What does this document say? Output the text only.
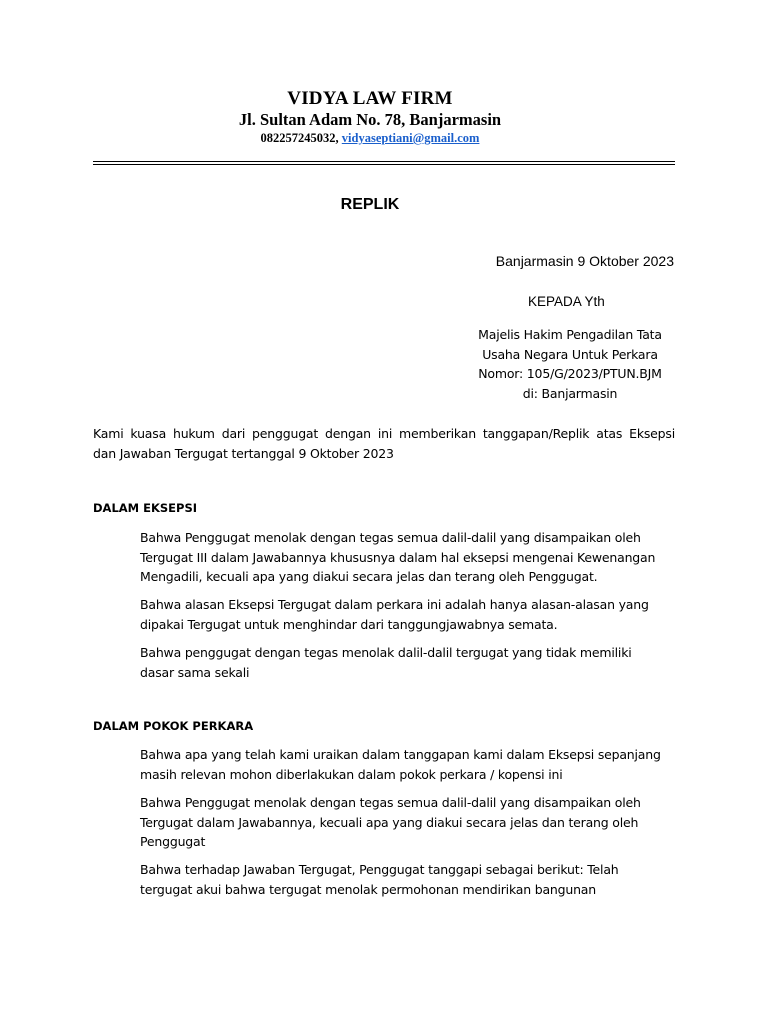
VIDYA LAW FIRM
Jl. Sultan Adam No. 78, Banjarmasin
082257245032, vidyaseptiani@gmail.com
REPLIK
Banjarmasin 9 Oktober 2023
KEPADA Yth
Majelis Hakim Pengadilan Tata
Usaha Negara Untuk Perkara
Nomor: 105/G/2023/PTUN.BJM
di: Banjarmasin
Kami kuasa hukum dari penggugat dengan ini memberikan tanggapan/Replik atas Eksepsi
dan Jawaban Tergugat tertanggal 9 Oktober 2023
DALAM EKSEPSI
Bahwa Penggugat menolak dengan tegas semua dalil-dalil yang disampaikan oleh
Tergugat III dalam Jawabannya khususnya dalam hal eksepsi mengenai Kewenangan
Mengadili, kecuali apa yang diakui secara jelas dan terang oleh Penggugat.
Bahwa alasan Eksepsi Tergugat dalam perkara ini adalah hanya alasan-alasan yang
dipakai Tergugat untuk menghindar dari tanggungjawabnya semata.
Bahwa penggugat dengan tegas menolak dalil-dalil tergugat yang tidak memiliki
dasar sama sekali
DALAM POKOK PERKARA
Bahwa apa yang telah kami uraikan dalam tanggapan kami dalam Eksepsi sepanjang
masih relevan mohon diberlakukan dalam pokok perkara / kopensi ini
Bahwa Penggugat menolak dengan tegas semua dalil-dalil yang disampaikan oleh
Tergugat dalam Jawabannya, kecuali apa yang diakui secara jelas dan terang oleh
Penggugat
Bahwa terhadap Jawaban Tergugat, Penggugat tanggapi sebagai berikut: Telah
tergugat akui bahwa tergugat menolak permohonan mendirikan bangunan
